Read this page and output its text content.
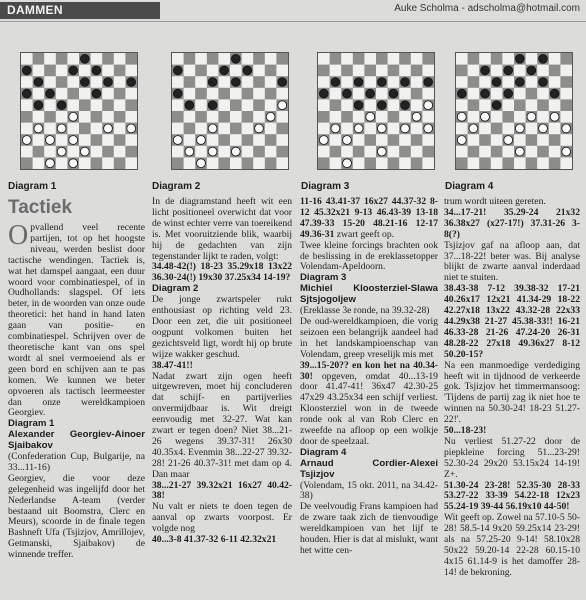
DAMMEN	Auke Scholma - adscholma@hotmail.com
Diagram 1	Diagram 2	Diagram 3	Diagram 4
Tactiek

Opvallend veel recente partijen, tot op het hoogste niveau, werden beslist door tactische wendingen. Tactiek is, wat het damspel aangaat, een duur woord voor combinatiespel, of in Oudhollands: slagspel. Of iets beter, in de woorden van onze oude theoretici: het hand in hand laten gaan van positie- en combinatiespel. Schrijven over de theoretische kant van ons spel wordt al snel vermoeiend als er geen bord en schijven aan te pas komen. We kunnen we beter opvoeren als tactisch leermeester dan onze wereldkampioen Georgiev.

Diagram 1

Alexander Georgiev-Ainoer Sjaibakov

(Confederation Cup, Bulgarije, na 33...11-16)

Georgiev, die voor deze gelegenheid was ingelijfd door het Nederlandse A-team (verder bestaand uit Boomstra, Clerc en Meurs), scoorde in de finale tegen Bashneft Ufa (Tsjizjov, Amrillojev, Getmanski, Sjaibakov) de winnende treffer.

In de diagramstand heeft wit een licht positioneel overwicht dat voor de winst echter verre van toereikend is. Met vooruitziende blik, waarbij hij de gedachten van zijn tegenstander lijkt te raden, volgt:

34.48-42(!) 18-23 35.29x18 13x22 36.30-24(!) 19x30 37.25x34 14-19?

Diagram 2

De jonge zwartspeler rukt enthousiast op richting veld 23. Door een zet, die uit positioneel oogpunt volkomen buiten het gezichtsveld ligt, wordt hij op brute wijze wakker geschud.

38.47-41!!

Nadat zwart zijn ogen heeft uitgewreven, moet hij concluderen dat schijf- en partijverlies onvermijdbaar is. Wit dreigt eenvoudig met 32-27. Wat kan zwart er tegen doen? Niet 38...21-26 wegens 39.37-31! 26x30 40.35x4. Evenmin 38...22-27 39.32-28! 21-26 40.37-31! met dam op 4. Dan maar

38...21-27 39.32x21 16x27 40.42-38!

Nu valt er niets te doen tegen de aanval op zwarts voorpost. Er volgde nog

40...3-8 41.37-32 6-11 42.32x21

11-16 43.41-37 16x27 44.37-32 8-12 45.32x21 9-13 46.43-39 13-18 47.39-33 15-20 48.21-16 12-17 49.36-31 zwart geeft op.

Twee kleine forcings brachten ook de beslissing in de ereklassetopper Volendam-Apeldoorn.

Diagram 3

Michiel Kloosterziel-Slawa Sjtsjogoljew

(Ereklasse 3e ronde, na 39.32-28)

De oud-wereldkampioen, die vorig seizoen een belangrijk aandeel had in het landskampioenschap van Volendam, greep vreselijk mis met

39...15-20?? en kon het na 40.34-30! opgeven, omdat 40...13-19 door 41.47-41! 36x47 42.30-25 47x29 43.25x34 een schijf verliest. Kloosterziel won in de tweede ronde ook al van Rob Clerc en zweefde na afloop op een wolkje door de speelzaal.

Diagram 4

Arnaud Cordier-Alexei Tsjizjov

(Volendam, 15 okt. 2011, na 34.42-38)

De veelvoudig Frans kampioen had de zware taak zich de tienvoudige wereldkampioen van het lijf te houden. Hier is dat al mislukt, want het witte cen-

trum wordt uiteen gereten.

34...17-21! 35.29-24 21x32 36.38x27 (x27-17!) 37.31-26 3-8(?)

Tsjizjov gaf na afloop aan, dat 37...18-22! beter was. Bij analyse blijkt de zwarte aanval inderdaad niet te stuiten.

38.43-38 7-12 39.38-32 17-21 40.26x17 12x21 41.34-29 18-22 42.27x18 13x22 43.32-28 22x33 44.29x38 21-27 45.38-33!! 16-21 46.33-28 21-26 47.24-20 26-31 48.28-22 27x18 49.36x27 8-12 50.20-15?

Na een manmoedige verdediging heeft wit in tijdnood de verkeerde gok. Tsjizjov het timmermansoog: 'Tijdens de partij zag ik niet hoe te winnen na 50.30-24! 18-23 51.27-22!'.

50...18-23!

Nu verliest 51.27-22 door de piepkleine forcing 51...23-29! 52.30-24 29x20 53.15x24 14-19! Z+.

51.30-24 23-28! 52.35-30 28-33 53.27-22 33-39 54.22-18 12x23 55.24-19 39-44 56.19x10 44-50!

Wit geeft op. Zowel na 57.10-5 50-28! 58.5-14 9x20 59.25x14 23-29! als na 57.25-20 9-14! 58.10x28 50x22 59.20-14 22-28 60.15-10 4x15 61.14-9 is het damoffer 28-14! de bekroning.
